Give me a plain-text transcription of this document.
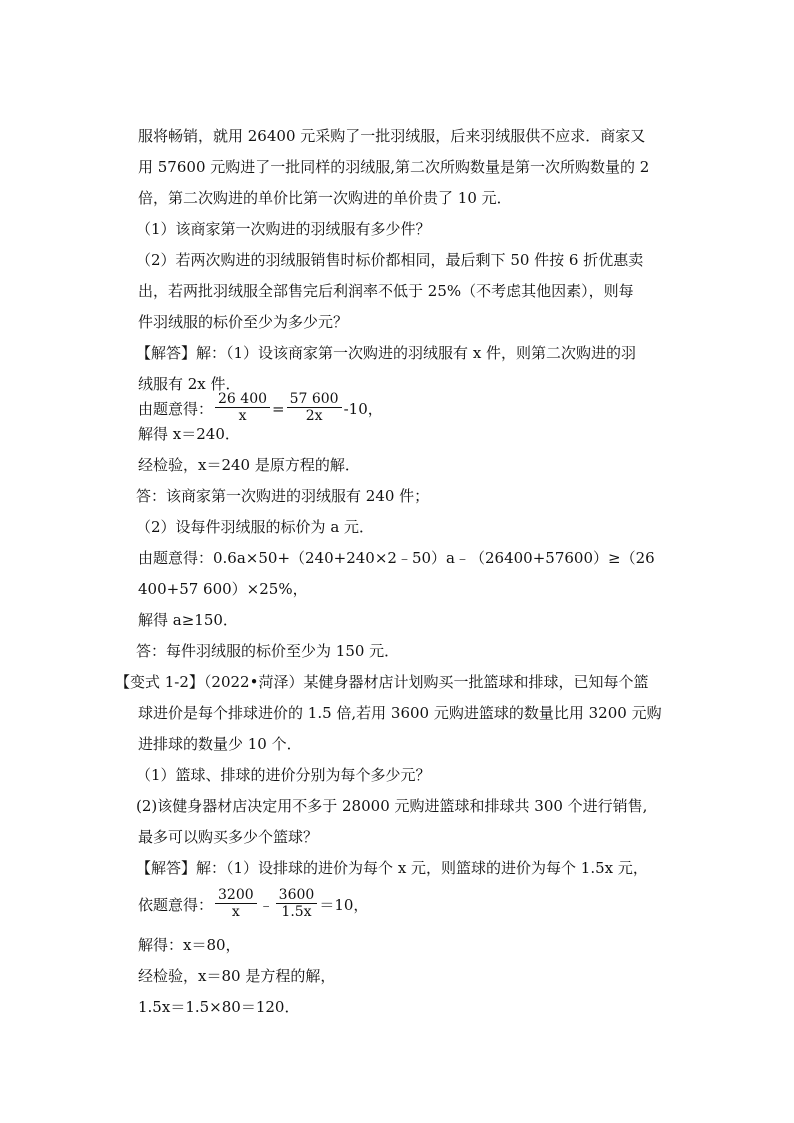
服将畅销，就用 26400 元采购了一批羽绒服，后来羽绒服供不应求．商家又
用 57600 元购进了一批同样的羽绒服,第二次所购数量是第一次所购数量的 2
倍，第二次购进的单价比第一次购进的单价贵了 10 元．
（1）该商家第一次购进的羽绒服有多少件？
（2）若两次购进的羽绒服销售时标价都相同，最后剩下 50 件按 6 折优惠卖
出，若两批羽绒服全部售完后利润率不低于 25%（不考虑其他因素），则每
件羽绒服的标价至少为多少元？
【解答】解：（1）设该商家第一次购进的羽绒服有 x 件，则第二次购进的羽
绒服有 2x 件．
由题意得： $\frac{26 400}{x} = \frac{57 600}{2x} -10$，
解得 x＝240．
经检验，x＝240 是原方程的解．
答：该商家第一次购进的羽绒服有 240 件；
（2）设每件羽绒服的标价为 a 元．
由题意得：0.6a×50+（240+240×2﹣50）a﹣（26400+57600）≥（26
400+57 600）×25%，
解得 a≥150．
答：每件羽绒服的标价至少为 150 元．
【变式 1-2】（2022•菏泽）某健身器材店计划购买一批篮球和排球，已知每个篮
球进价是每个排球进价的 1.5 倍,若用 3600 元购进篮球的数量比用 3200 元购
进排球的数量少 10 个．
（1）篮球、排球的进价分别为每个多少元？
(2)该健身器材店决定用不多于 28000 元购进篮球和排球共 300 个进行销售,
最多可以购买多少个篮球？
【解答】解：（1）设排球的进价为每个 x 元，则篮球的进价为每个 1.5x 元，
依题意得： $\frac{3200}{x}$ ﹣ $\frac{3600}{1.5x} =10$，
解得：x＝80，
经检验，x＝80 是方程的解，
1.5x＝1.5×80＝120．
